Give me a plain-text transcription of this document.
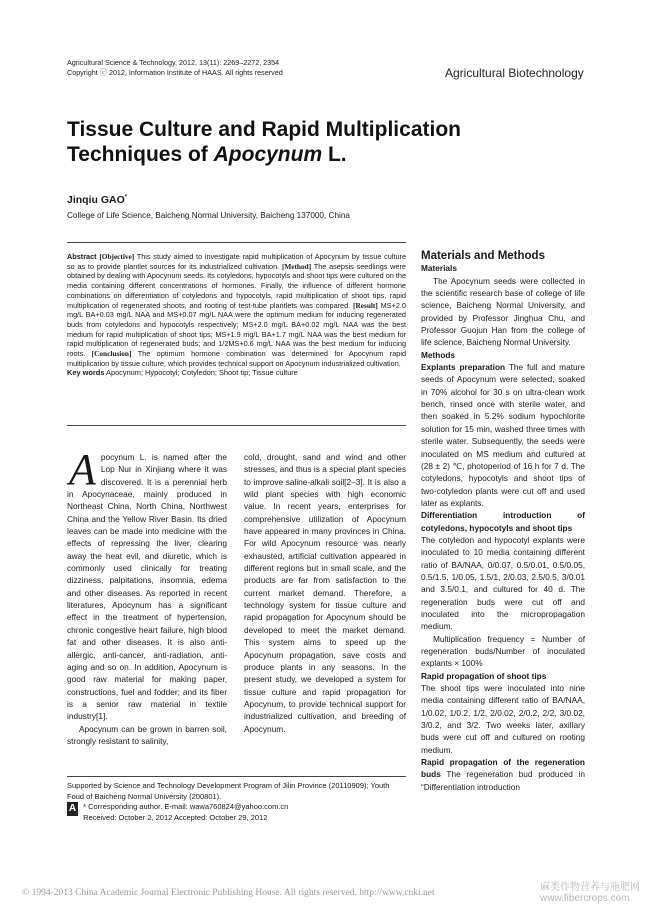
Agricultural Science & Technology, 2012, 13(11): 2269–2272, 2354
Copyright ⓒ 2012, Information Institute of HAAS. All rights reserved	Agricultural Biotechnology
Tissue Culture and Rapid Multiplication
Techniques of Apocynum L.
Jinqiu GAO*
College of Life Science, Baicheng Normal University, Baicheng 137000, China
Abstract [Objective] This study aimed to investigate rapid multiplication of Apocynum by tissue culture so as to provide plantlet sources for its industrialized cultivation. [Method] The asepsis seedlings were obtained by dealing with Apocynum seeds. Its cotyledons, hypocotyls and shoot tips were cultured on the media containing different concentrations of hormones. Finally, the influence of different hormone combinations on differentiation of cotyledons and hypocotyls, rapid multiplication of shoot tips, rapid multiplication of regenerated shoots, and rooting of test-tube plantlets was compared. [Result] MS+2.0 mg/L BA+0.03 mg/L NAA and MS+0.07 mg/L NAA were the optimum medium for inducing regenerated buds from cotyledons and hypocotyls respectively; MS+2.0 mg/L BA+0.02 mg/L NAA was the best medium for rapid multiplication of shoot tips; MS+1.9 mg/L BA+1.7 mg/L NAA was the best medium for rapid multiplication of regenerated buds; and 1/2MS+0.6 mg/L NAA was the best medium for inducing roots. [Conclusion] The optimum hormone combination was determined for Apocynum rapid multiplication by tissue culture, which provides technical support on Apocynum industrialized cultivation.
Key words Apocynum; Hypocotyl; Cotyledon; Shoot tip; Tissue culture

Apocynum L. is named after the Lop Nur in Xinjiang where it was discovered. It is a perennial herb in Apocynaceae, mainly produced in Northeast China, North China, Northwest China and the Yellow River Basin. Its dried leaves can be made into medicine with the effects of repressing the liver, clearing away the heat evil, and diuretic, which is commonly used clinically for treating dizziness, palpitations, insomnia, edema and other diseases. As reported in recent literatures, Apocynum has a significant effect in the treatment of hypertension, chronic congestive heart failure, high blood fat and other diseases. It is also anti-allergic, anti-cancer, anti-radiation, anti-aging and so on. In addition, Apocynum is good raw material for making paper, constructions, fuel and fodder; and its fiber is a senior raw material in textile industry[1].

Apocynum can be grown in barren soil, strongly resistant to salinity,

cold, drought, sand and wind and other stresses, and thus is a special plant species to improve saline-alkali soil[2–3]. It is also a wild plant species with high economic value. In recent years, enterprises for comprehensive utilization of Apocynum have appeared in many provinces in China. For wild Apocynum resource was nearly exhausted, artificial cultivation appeared in different regions but in small scale, and the products are far from satisfaction to the current market demand. Therefore, a technology system for tissue culture and rapid propagation for Apocynum should be developed to meet the market demand. This system aims to speed up the Apocynum propagation, save costs and produce plants in any seasons. In the present study, we developed a system for tissue culture and rapid propagation for Apocynum, to provide technical support for industrialized cultivation, and breeding of Apocynum.

Materials and Methods
Materials

The Apocynum seeds were collected in the scientific research base of college of life science, Baicheng Normal University, and provided by Professor Jinghua Chu, and Professor Guojun Han from the college of life science, Baicheng Normal University.

Methods

Explants preparation The full and mature seeds of Apocynum were selected, soaked in 70% alcohol for 30 s on ultra-clean work bench, rinsed once with sterile water, and then soaked in 5.2% sodium hypochlorite solution for 15 min, washed three times with sterile water. Subsequently, the seeds were inoculated on MS medium and cultured at (28 ± 2) ℃, photoperiod of 16 h for 7 d. The cotyledons, hypocotyls and shoot tips of two-cotyledon plants were cut off and used later as explants.

Differentiation introduction of cotyledons, hypocotyls and shoot tips

The cotyledon and hypocotyl explants were inoculated to 10 media containing different ratio of BA/NAA, 0/0.07, 0.5/0.01, 0.5/0.05, 0.5/1.5, 1/0.05, 1.5/1, 2/0.03, 2.5/0.5, 3/0.01 and 3.5/0.1, and cultured for 40 d. The regeneration buds were cut off and inoculated into the micropropagation medium.

Multiplication frequency = Number of regeneration buds/Number of inoculated explants × 100%

Rapid propagation of shoot tips

The shoot tips were inoculated into nine media containing different ratio of BA/NAA, 1/0.02, 1/0.2, 1/2, 2/0.02, 2/0.2, 2/2, 3/0.02, 3/0.2, and 3/2. Two weeks later, axillary buds were cut off and cultured on rooting medium.

Rapid propagation of the regeneration buds The regeneration bud produced in “Differentiation introduction

Supported by Science and Technology Development Program of Jilin Province (20110909); Youth Foud of Baicheng Normal University (200801).
A * Corresponding author. E-mail: wawa760824@yahoo.com.cn
Received: October 2, 2012 Accepted: October 29, 2012
© 1994-2013 China Academic Journal Electronic Publishing House. All rights reserved. http://www.cnki.net	麻类作物营养与施肥网
www.fibercrops.com
